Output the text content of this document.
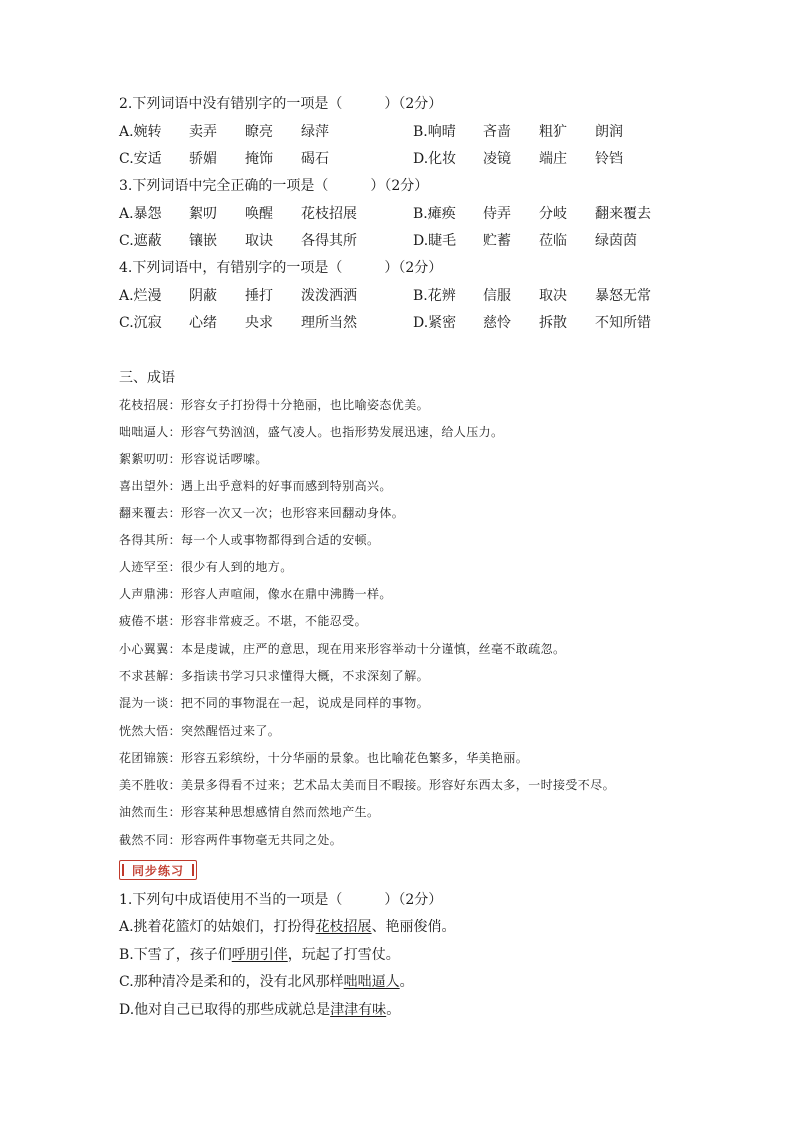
2.下列词语中没有错别字的一项是（　　　）（2分）
A.婉转 卖弄 瞭亮 绿萍	B.响晴 吝啬 粗犷 朗润
C.安适 骄媚 掩饰 碣石	D.化妆 凌镜 端庄 铃铛
3.下列词语中完全正确的一项是（　　　）（2分）
A.暴怨 絮叨 唤醒 花枝招展	B.瘫痪 侍弄 分岐 翻来覆去
C.遮蔽 镶嵌 取诀 各得其所	D.睫毛 贮蓄 莅临 绿茵茵
4.下列词语中，有错别字的一项是（　　　）（2分）
A.烂漫 阴蔽 捶打 泼泼洒洒	B.花辨 信服 取决 暴怒无常
C.沉寂 心绪 央求 理所当然	D.紧密 慈怜 拆散 不知所错
三、成语
花枝招展：形容女子打扮得十分艳丽，也比喻姿态优美。
咄咄逼人：形容气势汹汹，盛气凌人。也指形势发展迅速，给人压力。
絮絮叨叨：形容说话啰嗦。
喜出望外：遇上出乎意料的好事而感到特别高兴。
翻来覆去：形容一次又一次；也形容来回翻动身体。
各得其所：每一个人或事物都得到合适的安顿。
人迹罕至：很少有人到的地方。
人声鼎沸：形容人声喧闹，像水在鼎中沸腾一样。
疲倦不堪：形容非常疲乏。不堪，不能忍受。
小心翼翼：本是虔诚，庄严的意思，现在用来形容举动十分谨慎，丝毫不敢疏忽。
不求甚解：多指读书学习只求懂得大概，不求深刻了解。
混为一谈：把不同的事物混在一起，说成是同样的事物。
恍然大悟：突然醒悟过来了。
花团锦簇：形容五彩缤纷，十分华丽的景象。也比喻花色繁多，华美艳丽。
美不胜收：美景多得看不过来；艺术品太美而目不暇接。形容好东西太多，一时接受不尽。
油然而生：形容某种思想感情自然而然地产生。
截然不同：形容两件事物毫无共同之处。
同步练习
1.下列句中成语使用不当的一项是（　　　）（2分）
A.挑着花篮灯的姑娘们，打扮得花枝招展、艳丽俊俏。
B.下雪了，孩子们呼朋引伴，玩起了打雪仗。
C.那种清冷是柔和的，没有北风那样咄咄逼人。
D.他对自己已取得的那些成就总是津津有味。
